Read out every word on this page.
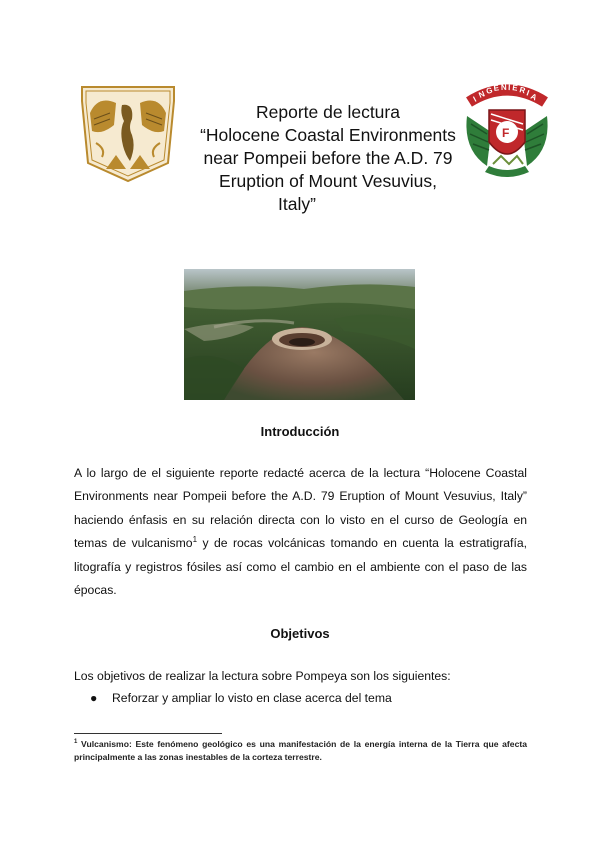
Reporte de lectura
“Holocene Coastal Environments
near Pompeii before the A.D. 79
Eruption of Mount Vesuvius,
Italy”
I N G E N I E R I
A
F
Introducción
A lo largo de el siguiente reporte redacté acerca de la lectura “Holocene Coastal Environments near Pompeii before the A.D. 79 Eruption of Mount Vesuvius, Italy” haciendo énfasis en su relación directa con lo visto en el curso de Geología en temas de vulcanismo$^1$ y de rocas volcánicas tomando en cuenta la estratigrafía, litografía y registros fósiles así como el cambio en el ambiente con el paso de las épocas.
Objetivos
Los objetivos de realizar la lectura sobre Pompeya son los siguientes:
● Reforzar y ampliar lo visto en clase acerca del tema
$^1$ Vulcanismo: Este fenómeno geológico es una manifestación de la energía interna de la Tierra que afecta principalmente a las zonas inestables de la corteza terrestre.
